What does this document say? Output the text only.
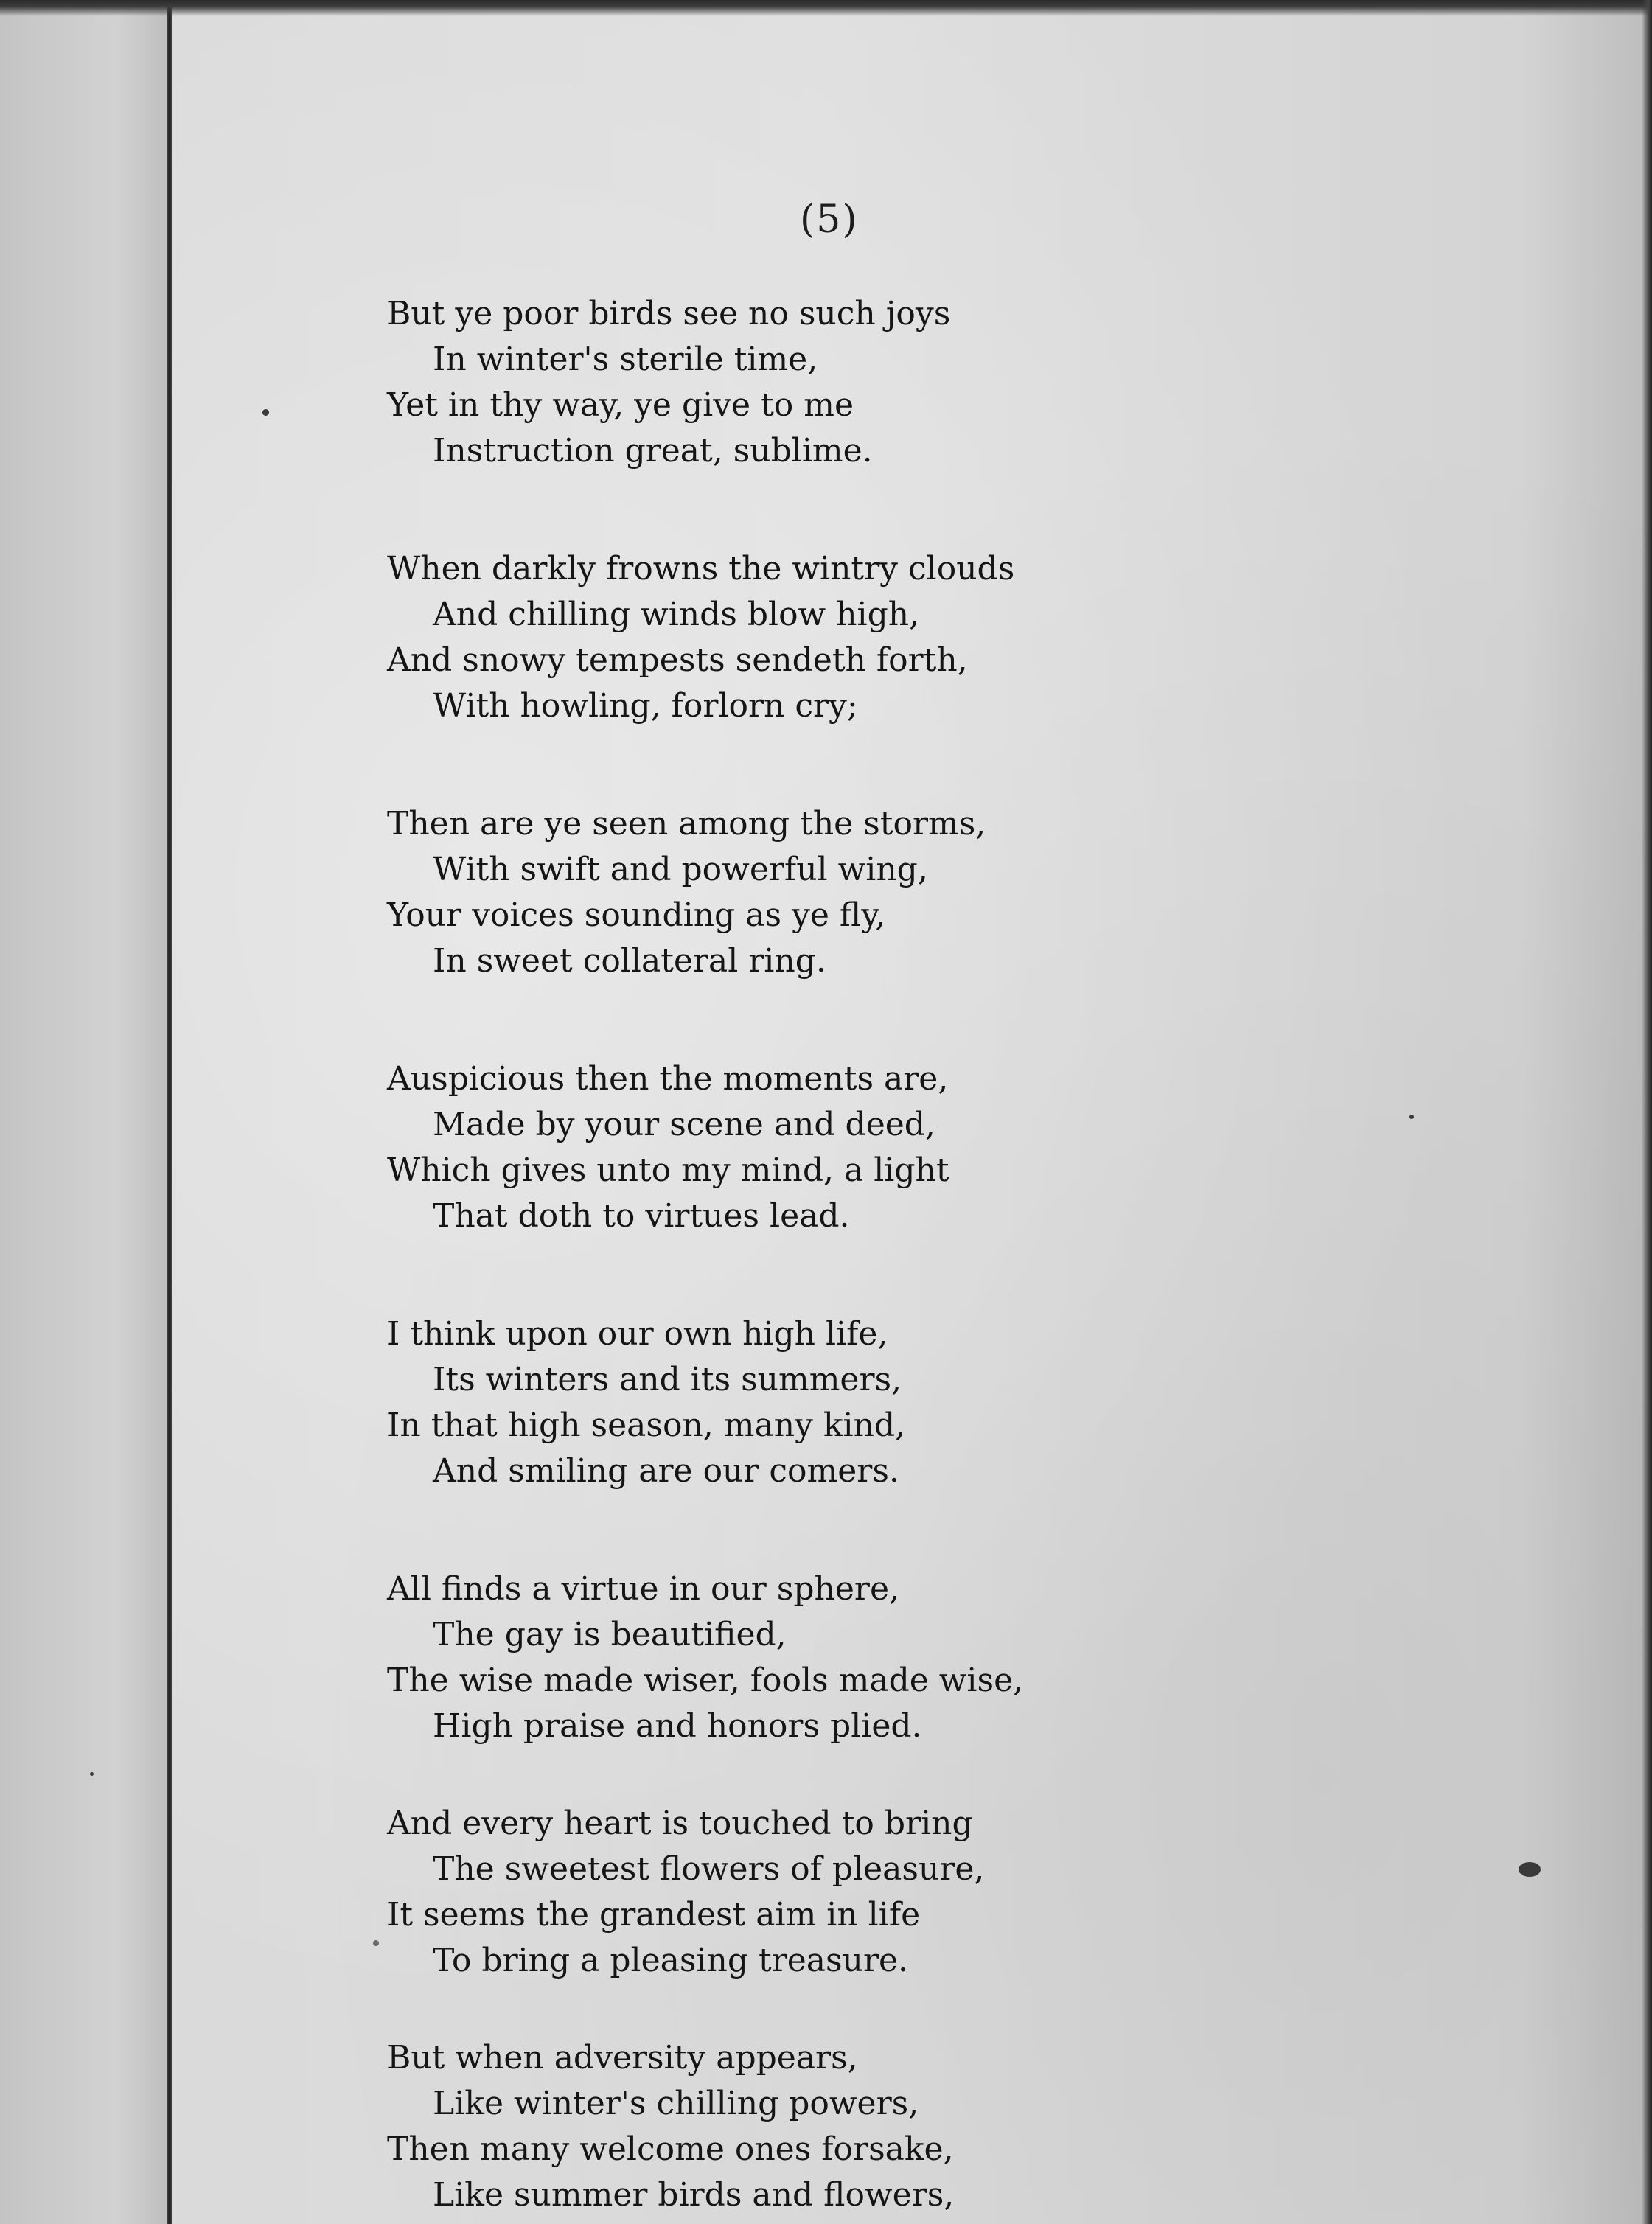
(5)
But ye poor birds see no such joys
In winter's sterile time,
Yet in thy way, ye give to me
Instruction great, sublime.
When darkly frowns the wintry clouds
And chilling winds blow high,
And snowy tempests sendeth forth,
With howling, forlorn cry;
Then are ye seen among the storms,
With swift and powerful wing,
Your voices sounding as ye fly,
In sweet collateral ring.
Auspicious then the moments are,
Made by your scene and deed,
Which gives unto my mind, a light
That doth to virtues lead.
I think upon our own high life,
Its winters and its summers,
In that high season, many kind,
And smiling are our comers.
All finds a virtue in our sphere,
The gay is beautified,
The wise made wiser, fools made wise,
High praise and honors plied.
And every heart is touched to bring
The sweetest flowers of pleasure,
It seems the grandest aim in life
To bring a pleasing treasure.
But when adversity appears,
Like winter's chilling powers,
Then many welcome ones forsake,
Like summer birds and flowers,
